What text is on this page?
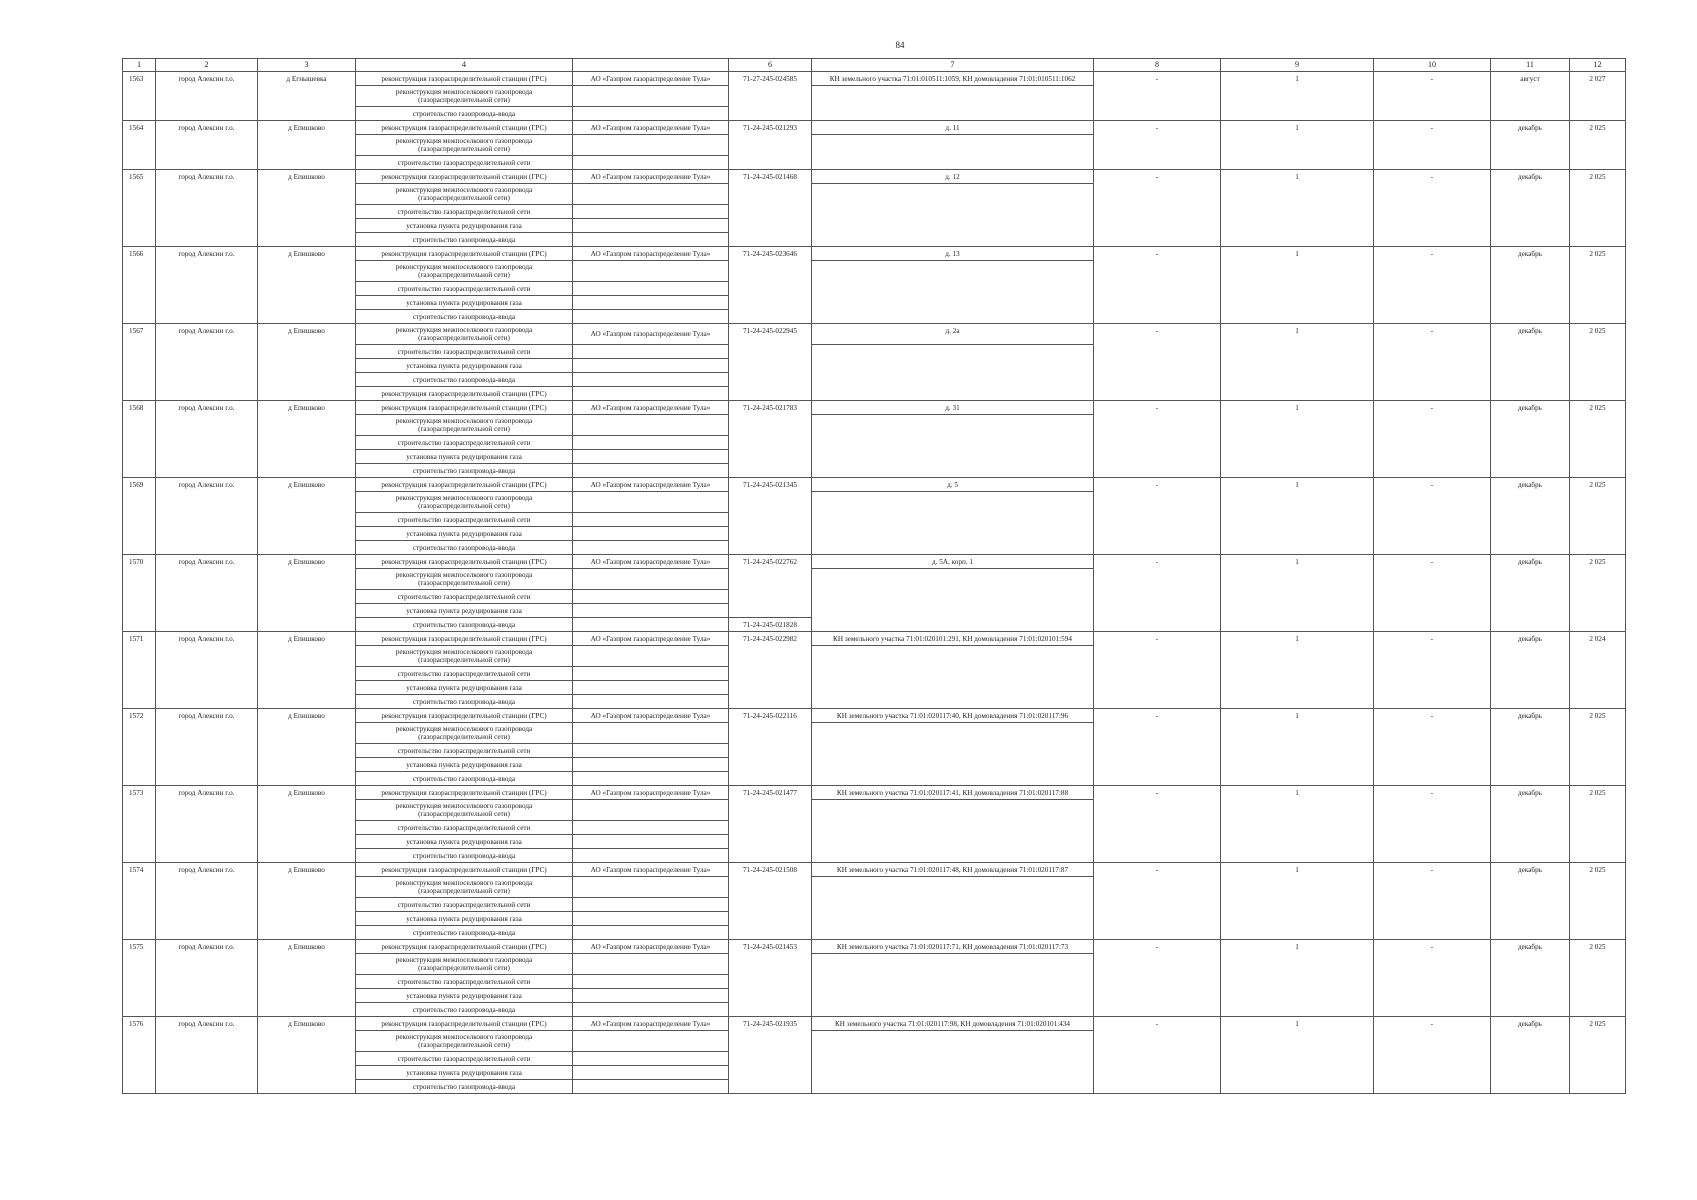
84
1	2	3	4		6	7	8	9	10	11	12
1563	город Алексин г.о.	д Егнышевка	реконструкция газораспределительной станции (ГРС)	АО «Газпром газораспределение Тула»	71-27-245-024585	КН земельного участка 71:01:010511:1059, КН домовладения 71:01:010511:1062	-	1	-	август	2 027
			реконструкция межпоселкового газопровода (газораспределительной сети)								
			строительство газопровода-ввода								
1564	город Алексин г.о.	д Епишково	реконструкция газораспределительной станции (ГРС)	АО «Газпром газораспределение Тула»	71-24-245-021293	д. 11	-	1	-	декабрь	2 025
			реконструкция межпоселкового газопровода (газораспределительной сети)								
			строительство газораспределительной сети								
1565	город Алексин г.о.	д Епишково	реконструкция газораспределительной станции (ГРС)	АО «Газпром газораспределение Тула»	71-24-245-021468	д. 12	-	1	-	декабрь	2 025
			реконструкция межпоселкового газопровода (газораспределительной сети)								
			строительство газораспределительной сети								
			установка пункта редуцирования газа								
			строительство газопровода-ввода								
1566	город Алексин г.о.	д Епишково	реконструкция газораспределительной станции (ГРС)	АО «Газпром газораспределение Тула»	71-24-245-023646	д. 13	-	1	-	декабрь	2 025
			реконструкция межпоселкового газопровода (газораспределительной сети)								
			строительство газораспределительной сети								
			установка пункта редуцирования газа								
			строительство газопровода-ввода								
1567	город Алексин г.о.	д Епишково	реконструкция межпоселкового газопровода (газораспределительной сети)	АО «Газпром газораспределение Тула»	71-24-245-022945	д. 2а	-	1	-	декабрь	2 025
			строительство газораспределительной сети								
			установка пункта редуцирования газа								
			строительство газопровода-ввода								
			реконструкция газораспределительной станции (ГРС)								
1568	город Алексин г.о.	д Епишково	реконструкция газораспределительной станции (ГРС)	АО «Газпром газораспределение Тула»	71-24-245-021783	д. 31	-	1	-	декабрь	2 025
			реконструкция межпоселкового газопровода (газораспределительной сети)								
			строительство газораспределительной сети								
			установка пункта редуцирования газа								
			строительство газопровода-ввода								
1569	город Алексин г.о.	д Епишково	реконструкция газораспределительной станции (ГРС)	АО «Газпром газораспределение Тула»	71-24-245-021345	д. 5	-	1	-	декабрь	2 025
			реконструкция межпоселкового газопровода (газораспределительной сети)								
			строительство газораспределительной сети								
			установка пункта редуцирования газа								
			строительство газопровода-ввода								
1570	город Алексин г.о.	д Епишково	реконструкция газораспределительной станции (ГРС)	АО «Газпром газораспределение Тула»	71-24-245-022762	д. 5А, корп. 1	-	1	-	декабрь	2 025
			реконструкция межпоселкового газопровода (газораспределительной сети)								
			строительство газораспределительной сети								
			установка пункта редуцирования газа								
			строительство газопровода-ввода		71-24-245-021828						
1571	город Алексин г.о.	д Епишково	реконструкция газораспределительной станции (ГРС)	АО «Газпром газораспределение Тула»	71-24-245-022982	КН земельного участка 71:01:020101:291, КН домовладения 71:01:020101:594	-	1	-	декабрь	2 024
			реконструкция межпоселкового газопровода (газораспределительной сети)								
			строительство газораспределительной сети								
			установка пункта редуцирования газа								
			строительство газопровода-ввода								
1572	город Алексин г.о.	д Епишково	реконструкция газораспределительной станции (ГРС)	АО «Газпром газораспределение Тула»	71-24-245-022116	КН земельного участка 71:01:020117:40, КН домовладения 71:01:020117:96	-	1	-	декабрь	2 025
			реконструкция межпоселкового газопровода (газораспределительной сети)								
			строительство газораспределительной сети								
			установка пункта редуцирования газа								
			строительство газопровода-ввода								
1573	город Алексин г.о.	д Епишково	реконструкция газораспределительной станции (ГРС)	АО «Газпром газораспределение Тула»	71-24-245-021477	КН земельного участка 71:01:020117:41, КН домовладения 71:01:020117:88	-	1	-	декабрь	2 025
			реконструкция межпоселкового газопровода (газораспределительной сети)								
			строительство газораспределительной сети								
			установка пункта редуцирования газа								
			строительство газопровода-ввода								
1574	город Алексин г.о.	д Епишково	реконструкция газораспределительной станции (ГРС)	АО «Газпром газораспределение Тула»	71-24-245-021508	КН земельного участка 71:01:020117:48, КН домовладения 71:01:020117:87	-	1	-	декабрь	2 025
			реконструкция межпоселкового газопровода (газораспределительной сети)								
			строительство газораспределительной сети								
			установка пункта редуцирования газа								
			строительство газопровода-ввода								
1575	город Алексин г.о.	д Епишково	реконструкция газораспределительной станции (ГРС)	АО «Газпром газораспределение Тула»	71-24-245-021453	КН земельного участка 71:01:020117:71, КН домовладения 71:01:020117:73	-	1	-	декабрь	2 025
			реконструкция межпоселкового газопровода (газораспределительной сети)								
			строительство газораспределительной сети								
			установка пункта редуцирования газа								
			строительство газопровода-ввода								
1576	город Алексин г.о.	д Епишково	реконструкция газораспределительной станции (ГРС)	АО «Газпром газораспределение Тула»	71-24-245-021935	КН земельного участка 71:01:020117:98, КН домовладения 71:01:020101:434	-	1	-	декабрь	2 025
			реконструкция межпоселкового газопровода (газораспределительной сети)								
			строительство газораспределительной сети								
			установка пункта редуцирования газа								
			строительство газопровода-ввода								
